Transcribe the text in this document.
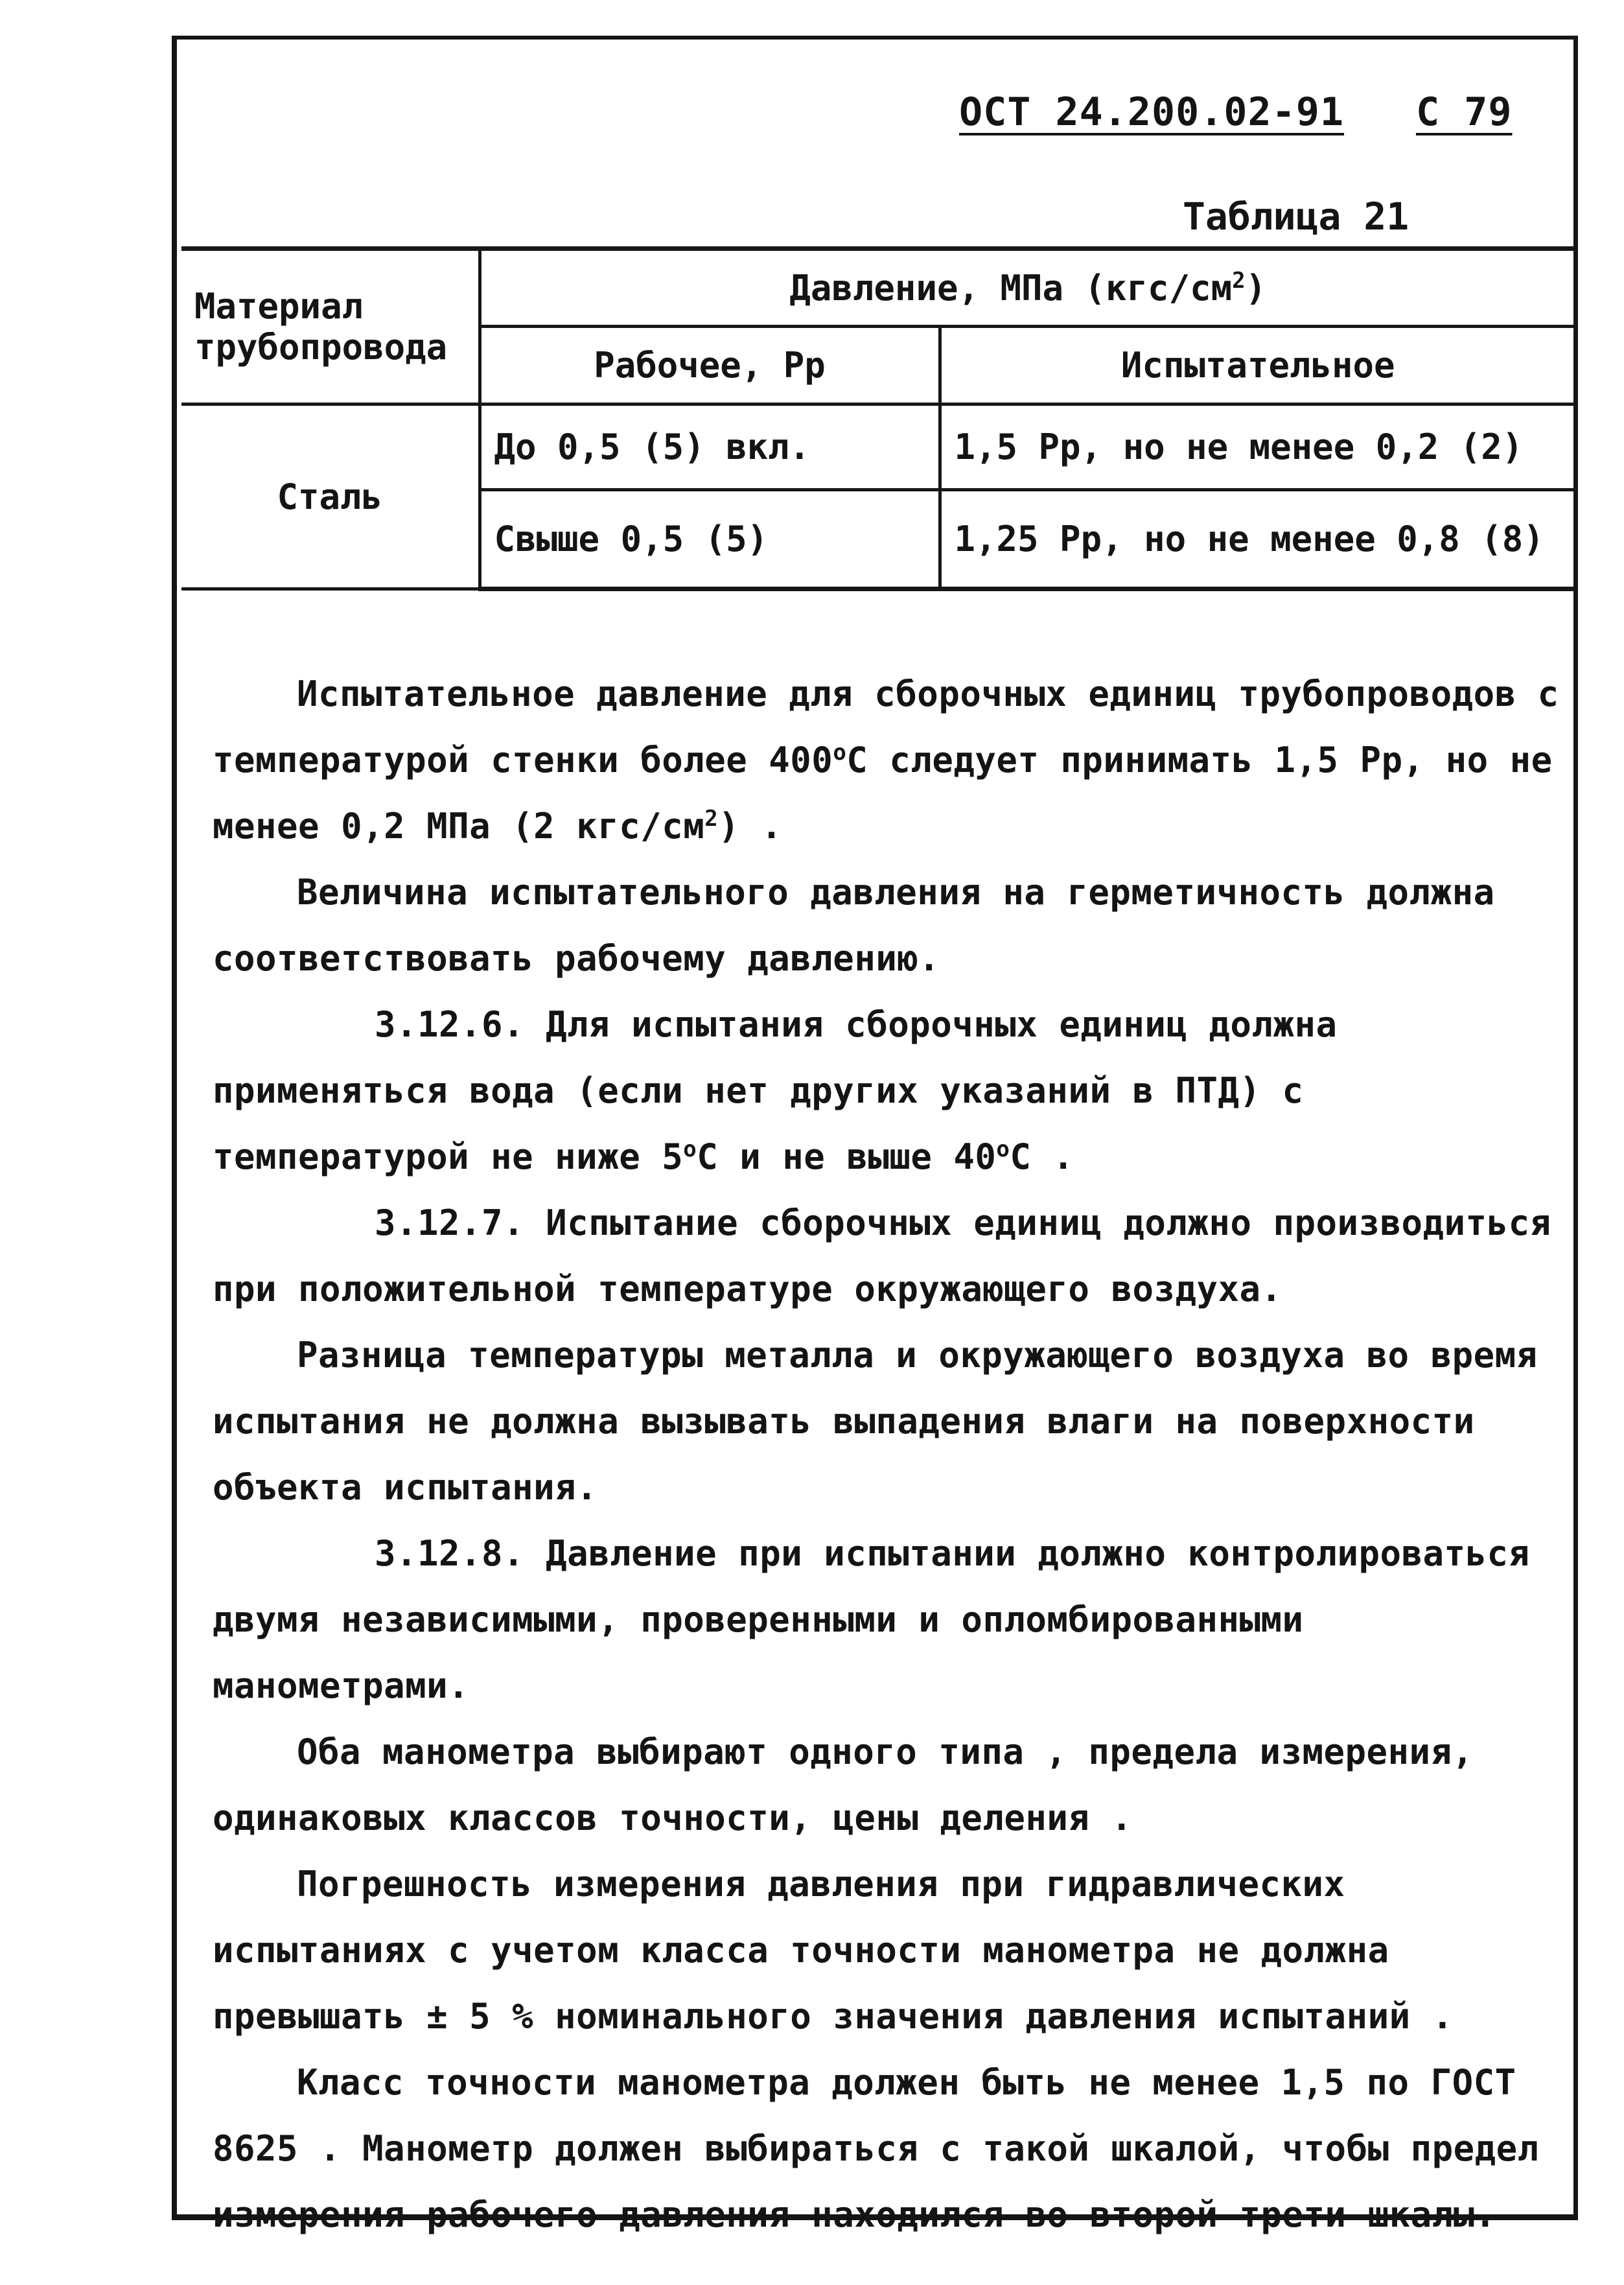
ОСТ 24.200.02-91 С 79
Таблица 21
Материал
трубопровода	Давление, МПа $(кгс/см^2)$	
	Рабочее, Рр	Испытательное
Сталь	До 0,5 (5) вкл.	1,5 Рр, но не менее 0,2 (2)
	Свыше 0,5 (5)	1,25 Рр, но не менее 0,8 (8)

Испытательное давление для сборочных единиц трубопроводов с температурой стенки более $400^оС$ следует принимать 1,5 Рр, но не менее 0,2 МПа (2 кгс/$см^2$) .

Величина испытательного давления на герметичность должна соответствовать рабочему давлению.

3.12.6. Для испытания сборочных единиц должна применяться вода (если нет других указаний в ПТД) с температурой не ниже $5^оС$ и не выше $40^оС$ .

3.12.7. Испытание сборочных единиц должно производиться при положительной температуре окружающего воздуха.

Разница температуры металла и окружающего воздуха во время испытания не должна вызывать выпадения влаги на поверхности объекта испытания.

3.12.8. Давление при испытании должно контролироваться двумя независимыми, проверенными и опломбированными манометрами.

Оба манометра выбирают одного типа , предела измерения, одинаковых классов точности, цены деления .

Погрешность измерения давления при гидравлических испытаниях с учетом класса точности манометра не должна превышать ± 5 % номинального значения давления испытаний .

Класс точности манометра должен быть не менее 1,5 по ГОСТ 8625 . Манометр должен выбираться с такой шкалой, чтобы предел измерения рабочего давления находился во второй трети шкалы.
